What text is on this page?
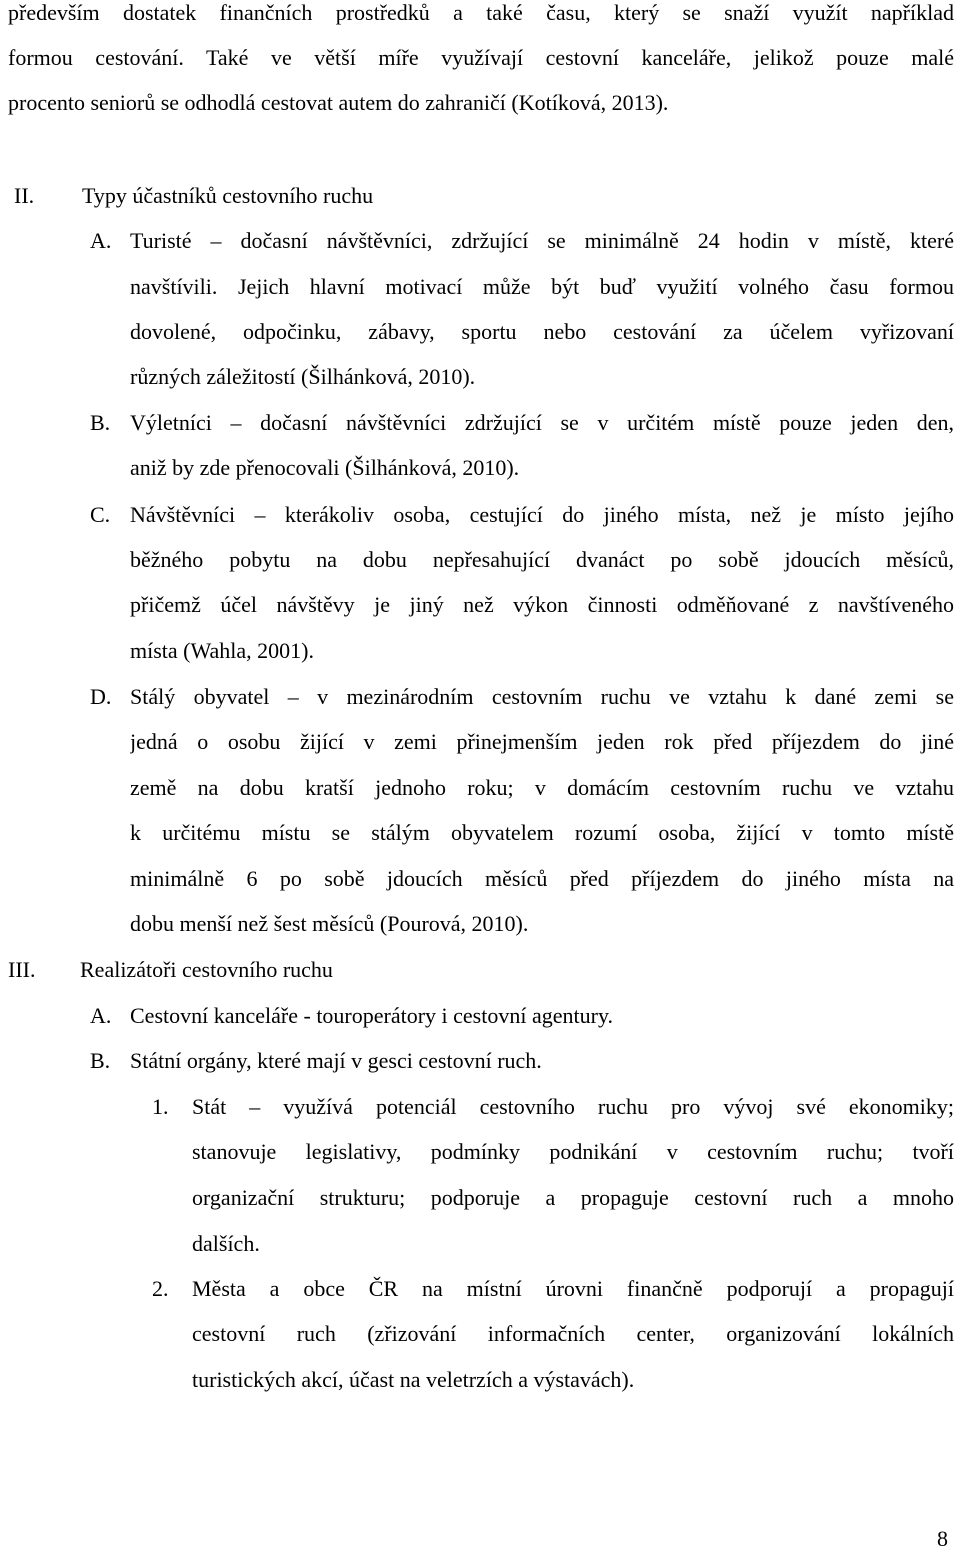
především dostatek finančních prostředků a také času, který se snaží využít například
formou cestování. Také ve větší míře využívají cestovní kanceláře, jelikož pouze malé
procento seniorů se odhodlá cestovat autem do zahraničí (Kotíková, 2013).
II. Typy účastníků cestovního ruchu
A. Turisté – dočasní návštěvníci, zdržující se minimálně 24 hodin v místě, které
navštívili. Jejich hlavní motivací může být buď využití volného času formou
dovolené, odpočinku, zábavy, sportu nebo cestování za účelem vyřizovaní
různých záležitostí (Šilhánková, 2010).
B. Výletníci – dočasní návštěvníci zdržující se v určitém místě pouze jeden den,
aniž by zde přenocovali (Šilhánková, 2010).
C. Návštěvníci – kterákoliv osoba, cestující do jiného místa, než je místo jejího
běžného pobytu na dobu nepřesahující dvanáct po sobě jdoucích měsíců,
přičemž účel návštěvy je jiný než výkon činnosti odměňované z navštíveného
místa (Wahla, 2001).
D. Stálý obyvatel – v mezinárodním cestovním ruchu ve vztahu k dané zemi se
jedná o osobu žijící v zemi přinejmenším jeden rok před příjezdem do jiné
země na dobu kratší jednoho roku; v domácím cestovním ruchu ve vztahu
k určitému místu se stálým obyvatelem rozumí osoba, žijící v tomto místě
minimálně 6 po sobě jdoucích měsíců před příjezdem do jiného místa na
dobu menší než šest měsíců (Pourová, 2010).
III. Realizátoři cestovního ruchu
A. Cestovní kanceláře - touroperátory i cestovní agentury.
B. Státní orgány, které mají v gesci cestovní ruch.
1. Stát – využívá potenciál cestovního ruchu pro vývoj své ekonomiky;
stanovuje legislativy, podmínky podnikání v cestovním ruchu; tvoří
organizační strukturu; podporuje a propaguje cestovní ruch a mnoho
dalších.
2. Města a obce ČR na místní úrovni finančně podporují a propagují
cestovní ruch (zřizování informačních center, organizování lokálních
turistických akcí, účast na veletrzích a výstavách).
8
